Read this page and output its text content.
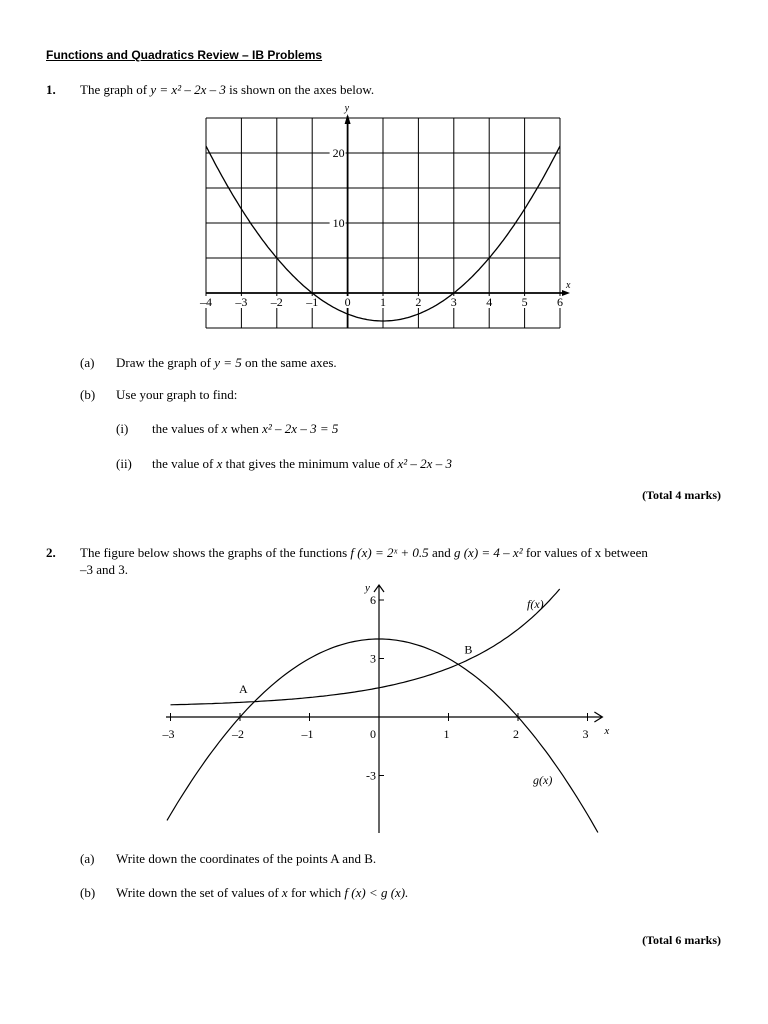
Functions and Quadratics Review – IB Problems
1. The graph of y = x² – 2x – 3 is shown on the axes below.
x
y
–4 –3 –2 –1 0 1 2 3 4 5 6
10
20
(a) Draw the graph of y = 5 on the same axes.
(b) Use your graph to find:
(i) the values of x when x² – 2x – 3 = 5
(ii) the value of x that gives the minimum value of x² – 2x – 3
(Total 4 marks)
2. The figure below shows the graphs of the functions f (x) = 2ˣ + 0.5 and g (x) = 4 – x² for values of x between
–3 and 3.
x
y
–3	–2	–1	0	1	2	3
-3
3
6	f(x)
g(x)
A
B
(a) Write down the coordinates of the points A and B.
(b) Write down the set of values of x for which f (x) < g (x).
(Total 6 marks)
